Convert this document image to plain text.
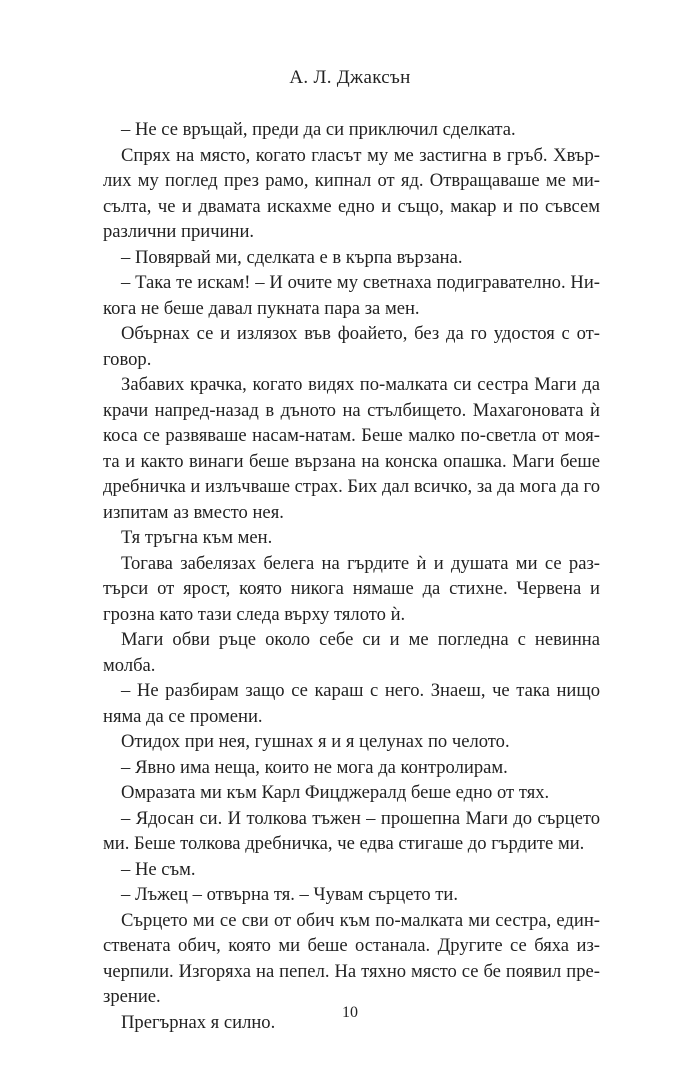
А. Л. Джаксън

– Не се връщай, преди да си приключил сделката.

Спрях на място, когато гласът му ме застигна в гръб. Хвърлих му поглед през рамо, кипнал от яд. Отвращаваше ме мисълта, че и двамата искахме едно и също, макар и по съвсем различни причини.

– Повярвай ми, сделката е в кърпа вързана.

– Така те искам! – И очите му светнаха подигравателно. Никога не беше давал пукната пара за мен.

Обърнах се и излязох във фоайето, без да го удостоя с отговор.

Забавих крачка, когато видях по-малката си сестра Маги да крачи напред-назад в дъното на стълбището. Махагоновата ѝ коса се развяваше насам-натам. Беше малко по-светла от моята и както винаги беше вързана на конска опашка. Маги беше дребничка и излъчваше страх. Бих дал всичко, за да мога да го изпитам аз вместо нея.

Тя тръгна към мен.

Тогава забелязах белега на гърдите ѝ и душата ми се разтърси от ярост, която никога нямаше да стихне. Червена и грозна като тази следа върху тялото ѝ.

Маги обви ръце около себе си и ме погледна с невинна молба.

– Не разбирам защо се караш с него. Знаеш, че така нищо няма да се промени.

Отидох при нея, гушнах я и я целунах по челото.

– Явно има неща, които не мога да контролирам.

Омразата ми към Карл Фицджералд беше едно от тях.

– Ядосан си. И толкова тъжен – прошепна Маги до сърцето ми. Беше толкова дребничка, че едва стигаше до гърдите ми.

– Не съм.

– Лъжец – отвърна тя. – Чувам сърцето ти.

Сърцето ми се сви от обич към по-малката ми сестра, единствената обич, която ми беше останала. Другите се бяха изчерпили. Изгоряха на пепел. На тяхно място се бе появил презрение.

Прегърнах я силно.	10
